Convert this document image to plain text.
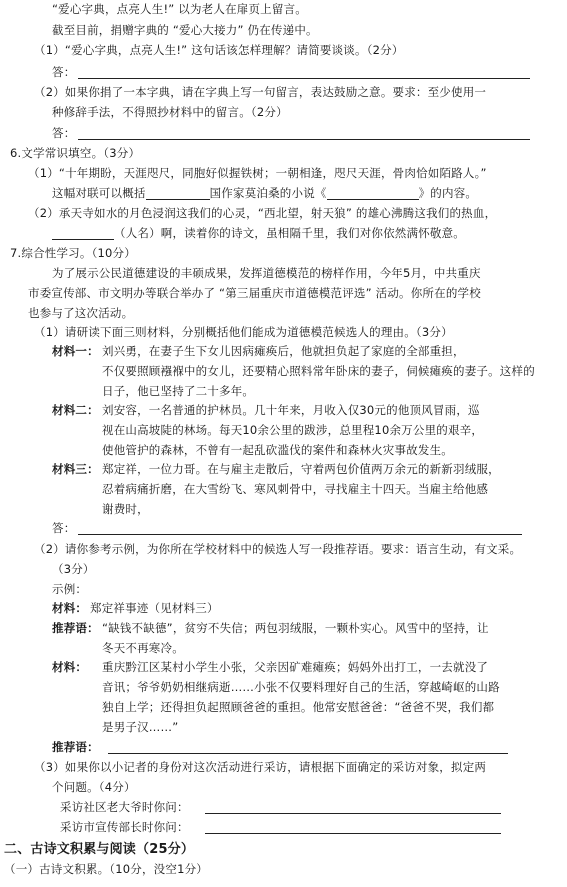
“爱心字典，点亮人生!” 以为老人在扉页上留言。
截至目前，捐赠字典的 “爱心大接力” 仍在传递中。
（1）“爱心字典，点亮人生!” 这句话该怎样理解？请简要谈谈。（2分）
答：
（2）如果你捐了一本字典，请在字典上写一句留言，表达鼓励之意。要求：至少使用一
种修辞手法，不得照抄材料中的留言。（2分）
答：
6.文学常识填空。（3分）
（1）“十年期盼，天涯咫尺，同胞好似握铁树；一朝相逢，咫尺天涯，骨肉恰如陌路人。”
这幅对联可以概括	国作家莫泊桑的小说《	》的内容。
（2）承天寺如水的月色浸润这我们的心灵，“西北望，射天狼” 的雄心沸腾这我们的热血，
（人名）啊，读着你的诗文，虽相隔千里，我们对你依然满怀敬意。
7.综合性学习。（10分）
为了展示公民道德建设的丰硕成果，发挥道德模范的榜样作用，今年5月，中共重庆
市委宣传部、市文明办等联合举办了 “第三届重庆市道德模范评选” 活动。你所在的学校
也参与了这次活动。
（1）请研读下面三则材料，分别概括他们能成为道德模范候选人的理由。（3分）
材料一： 刘兴勇，在妻子生下女儿因病瘫痪后，他就担负起了家庭的全部重担，
不仅要照顾襁褓中的女儿，还要精心照料常年卧床的妻子，伺候瘫痪的妻子。这样的
日子，他已坚持了二十多年。
材料二： 刘安容，一名普通的护林员。几十年来，月收入仅30元的他顶风冒雨，巡
视在山高坡陡的林场。每天10余公里的跋涉，总里程10余万公里的艰辛，
使他管护的森林，不曾有一起乱砍滥伐的案件和森林火灾事故发生。
材料三： 郑定祥，一位力哥。在与雇主走散后，守着两包价值两万余元的新新羽绒服，
忍着病痛折磨，在大雪纷飞、寒风刺骨中，寻找雇主十四天。当雇主给他感
谢费时，
答：
（2）请你参考示例，为你所在学校材料中的候选人写一段推荐语。要求：语言生动，有文采。
（3分）
示例：
材料： 郑定祥事迹（见材料三）
推荐语： “缺钱不缺德”，贫穷不失信；两包羽绒服，一颗朴实心。风雪中的坚持，让
冬天不再寒冷。
材料： 重庆黔江区某村小学生小张，父亲因矿难瘫痪；妈妈外出打工，一去就没了
音讯；爷爷奶奶相继病逝……小张不仅要料理好自己的生活，穿越崎岖的山路
独自上学；还得担负起照顾爸爸的重担。他常安慰爸爸：“爸爸不哭，我们都
是男子汉……”
推荐语：
（3）如果你以小记者的身份对这次活动进行采访，请根据下面确定的采访对象，拟定两
个问题。（4分）
采访社区老大爷时你问：
采访市宣传部长时你问：
二、古诗文积累与阅读（25分）
（一）古诗文积累。（10分，没空1分）
